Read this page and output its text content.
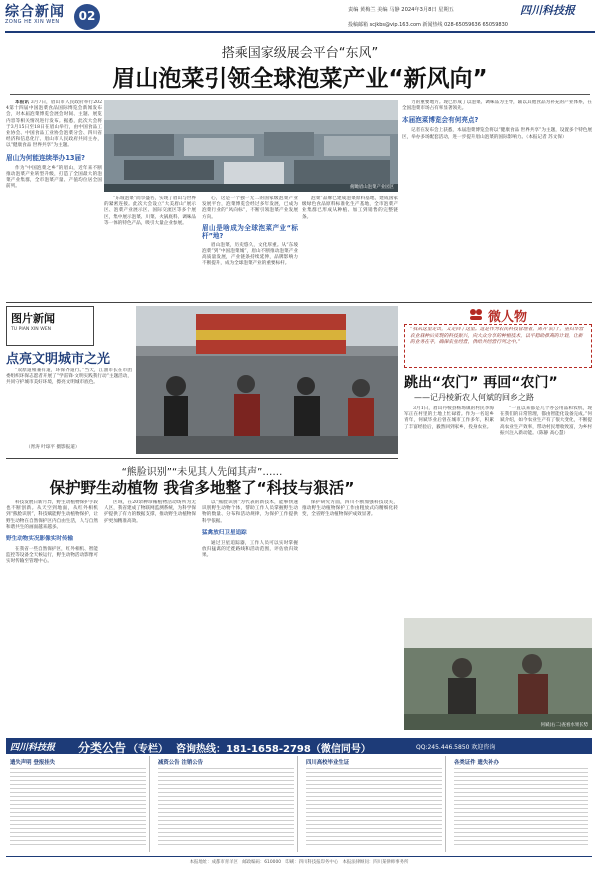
综合新闻
ZONG HE XIN WEN	02	责编 黄梅兰 美编 马静 2024年3月8日 星期五	四川科技报
投稿邮箱 scjkbs@vip.163.com 新闻热线 028-65059636 65059830
搭乘国家级展会平台“东风”
眉山泡菜引领全球泡菜产业“新风向”

本报讯 3月7日，眉山市人民政府举行2024第十四届中国泡菜食品国际博览会新闻发布会，对本届泡菜博览会展会时间、主题、展览内容等相关情况进行发布。据悉，此次大会将于3月15日至18日在眉山举行，由中国食品工业协会、中国食品工业协会泡菜分会、四川省经济和信息化厅、眉山市人民政府共同主办，以“健康食品 世界共享”为主题。

眉山为何能连续举办13届?

作为“中国泡菜之乡”的眉山，近年来不断推动泡菜产业转型升级，打造了全国最大的泡菜产业集群，全市泡菜产量、产值均位居全国前列。	俯瞰眉山泡菜产业园区

“东坡泡菜”而享盛名，实现了眉山与世界的紧密连接。此次大会设立“大美眉山”展示区、泡菜产业展示区、国际交流区等多个展区，集中展示泡菜、川菜、火锅底料、调味品等一体的特色产品，吸引大量企业参展。

心，这是一个独一无二的国家级泡菜产业发展平台，泡菜博览会经过多年发展，已成为泡菜行业的“风向标”，不断引领泡菜产业发展方向。

眉山是啥成为全球泡菜产业“标杆”地?

眉山泡菜，历史悠久，文化厚重。从“东坡泡菜”到“中国泡菜城”，眉山不断推动泡菜产业高质量发展，产业链条持续延伸，品牌影响力不断提升，成为全球泡菜产业的重要标杆。

泡菜”品牌已建成泡菜原料基地，建成国家级绿色食品原料标准化生产基地，全市泡菜产业集群已形成从种植、加工到销售的完整链条。

力的重要地方。现已形成了以泡菜、调味品为主导，辅以其他食品为补充的产业体系，在全国泡菜市场占有率显著领先。

本届泡菜博览会有何亮点?

记者在发布会上获悉，本届泡菜博览会将以“健康食品 世界共享”为主题，设置多个特色展区，举办多场配套活动，进一步提升眉山泡菜的国际影响力。（本报记者 苏文保）

图片新闻
TU PIAN XIN WEN
点亮文明城市之光

“双原道相兼有道，环保齐道行。”当天，江油市长在市团委组织环保志愿者开展了“学雷锋·文明实践我行动”主题活动，共同守护城市美好环境，擦亮文明城市底色。

（胥涛 叶琼平 摄影报道）
“熊脸识别”“未见其人先闻其声”……
保护野生动植物 我省多地整了“科技与狠活”

科技发展日新月异，野生动植物保护手段也不断创新。从天空到地面，从红外相机到“熊脸识别”，科技赋能野生动植物保护，让野生动物在自然保护区内自由生活，人与自然和谐共生的画面越来越多。

野生动物实况影像实时传输

在我省一些自然保护区，红外相机、智能监控等设备全天候运行，野生动物活动影像可实时传输至管理中心。

区域，在20余种珍稀植物活动场所为无人区，我省建成了物联网监测系统，为科学保护提供了有力的数据支撑，推动野生动植物保护更加精准高效。

以“熊脸识别”为代表的新技术，能够快速识别野生动物个体，帮助工作人员掌握野生动物的数量、分布和活动规律，为保护工作提供科学依据。

猛禽放归卫星追踪

通过卫星追踪器，工作人员可以实时掌握放归猛禽的迁徙路线和活动范围，评估放归效果。

保护研究方面，四川不断加强科技攻关，推动野生动植物保护工作由粗放式向精细化转变，全省野生动植物保护成效显著。

微人物
“我从这里走出，又走回了这里。这是作为农民科技管理者，离开‘农门’，重归华营农业栽种后实现的科技振兴，向大众分享的种植技术，以平稳助推高的计划，让新的业务在手，确保农业经营，供给共经营行列之中。”
跳出“农门” 再回“农门”
——记丹棱新农人何斌的回乡之路

3月1日，眉山丹棱县杨场镇的村民李海军正在村里的土地上忙碌着。作为一名返乡青年，何斌毕业后曾在城市工作多年，积累了丰富经验后，毅然回到家乡，投身农业。

“一直以来都是几个办公用品和农机，现在我们的日常管理，都由智能化设备完成。”何斌介绍，如今农业生产有了很大变化，不断提高农业生产效率，带动村民增收致富，为乡村振兴注入新动能。（陈静 高心慧）

何斌(右二)查看水果长势
四川科技报 分类公告 （专栏） 咨询热线：181-1658-2798（微信同号）	QQ:245.446.5850 欢迎咨询
遗失声明 登报挂失	减资公告 注销公告	四川高校毕业生证	各类证件 遗失补办
本报地址：成都市青羊区　邮政编码：610000　印刷：四川科技报印务中心　本报法律顾问：四川某律师事务所
